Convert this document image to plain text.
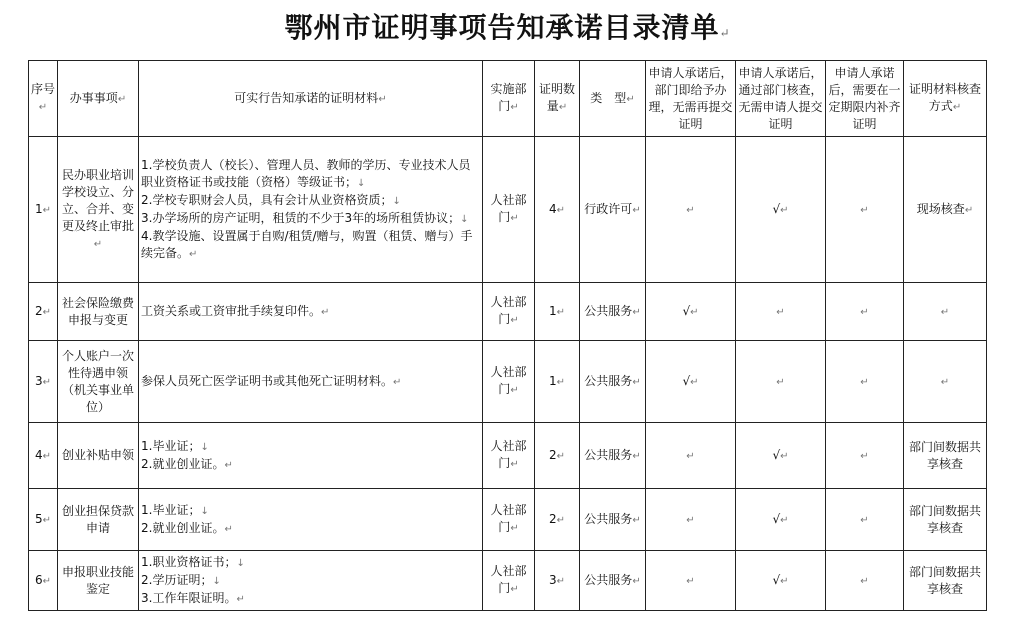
鄂州市证明事项告知承诺目录清单↵
序号↵	办事事项↵	可实行告知承诺的证明材料↵	实施部门↵	证明数量↵	类　型↵	申请人承诺后，部门即给予办理，无需再提交证明	申请人承诺后，通过部门核查，无需申请人提交证明	申请人承诺后，需要在一定期限内补齐证明	证明材料核查方式↵
1↵	民办职业培训学校设立、分立、合并、变更及终止审批↵	1.学校负责人（校长）、管理人员、教师的学历、专业技术人员职业资格证书或技能（资格）等级证书；↓
2.学校专职财会人员，具有会计从业资格资质；↓
3.办学场所的房产证明，租赁的不少于3年的场所租赁协议；↓
4.教学设施、设置属于自购/租赁/赠与，购置（租赁、赠与）手续完备。↵	人社部门↵	4↵	行政许可↵	↵	√↵	↵	现场核查↵
2↵	社会保险缴费申报与变更	工资关系或工资审批手续复印件。↵	人社部门↵	1↵	公共服务↵	√↵	↵	↵	↵
3↵	个人账户一次性待遇申领（机关事业单位）	参保人员死亡医学证明书或其他死亡证明材料。↵	人社部门↵	1↵	公共服务↵	√↵	↵	↵	↵
4↵	创业补贴申领	1.毕业证；↓
2.就业创业证。↵	人社部门↵	2↵	公共服务↵	↵	√↵	↵	部门间数据共享核查
5↵	创业担保贷款申请	1.毕业证；↓
2.就业创业证。↵	人社部门↵	2↵	公共服务↵	↵	√↵	↵	部门间数据共享核查
6↵	申报职业技能鉴定	1.职业资格证书；↓
2.学历证明；↓
3.工作年限证明。↵	人社部门↵	3↵	公共服务↵	↵	√↵	↵	部门间数据共享核查
